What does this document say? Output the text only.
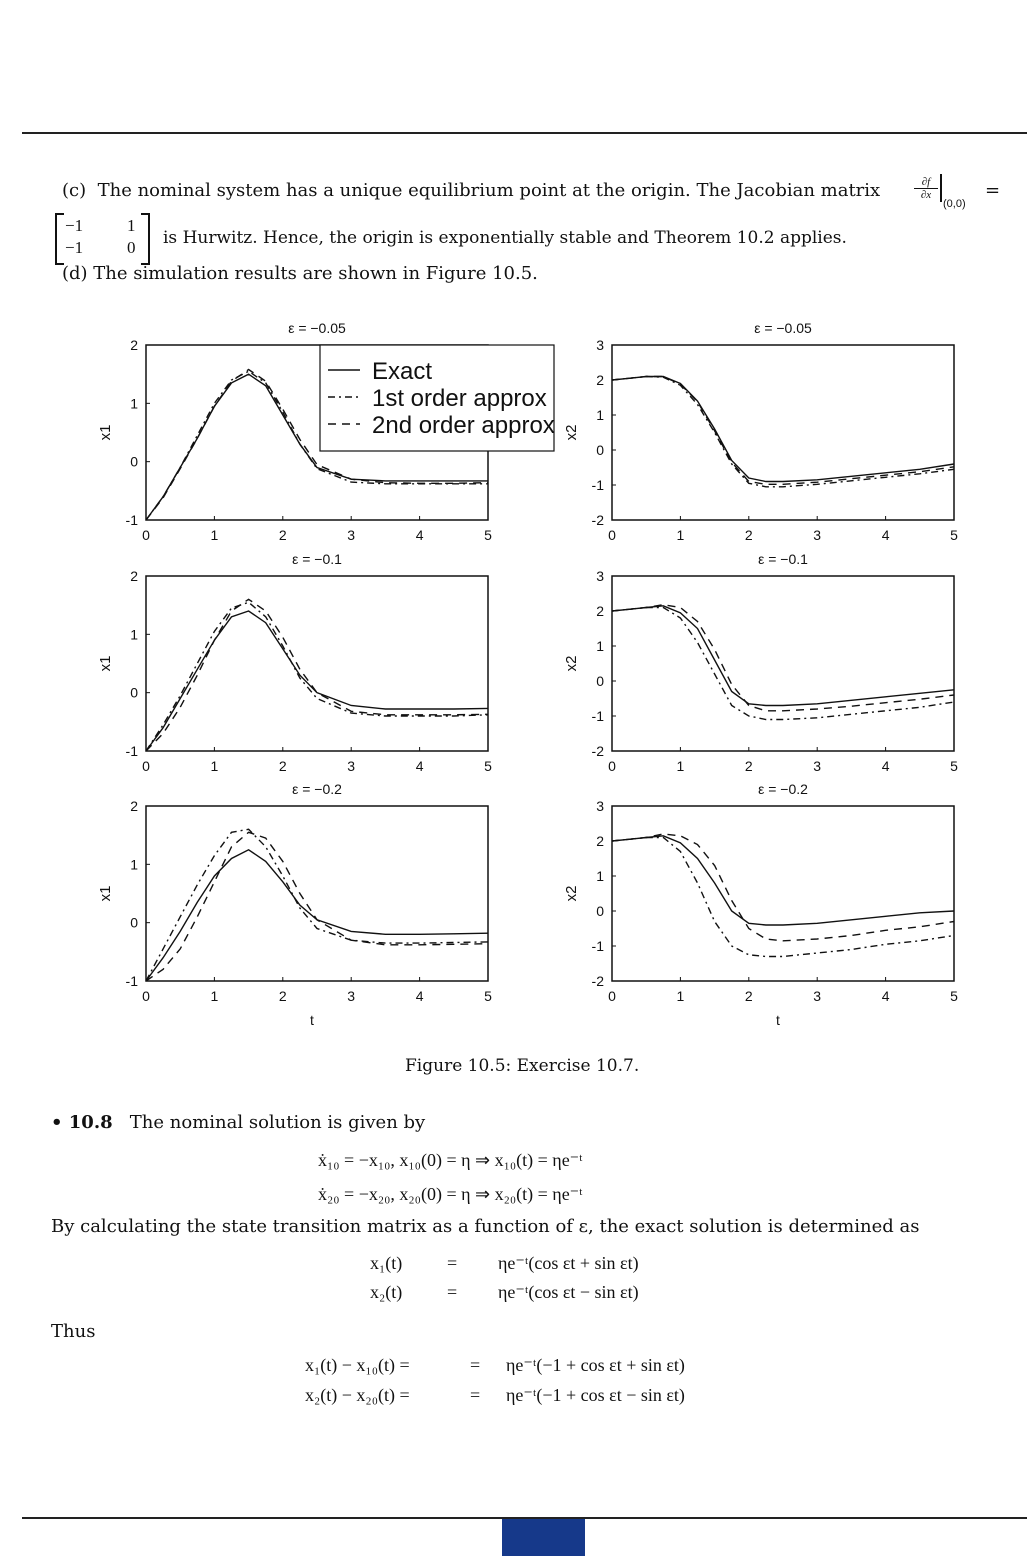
(c) The nominal system has a unique equilibrium point at the origin. The Jacobian matrix	$\frac{\partial f}{\partial x}$
(0,0)
=
−1	1
−1	0 is Hurwitz. Hence, the origin is exponentially stable and Theorem 10.2 applies.
(d) The simulation results are shown in Figure 10.5.
ε = −0.05
0	1	2	3	4	5
-1
0
1
2
x1
Exact
1st order approx
2nd order approx
ε = −0.05
0	1	2	3	4	5
-2
-1
0
1
2
3
x2
ε = −0.1
0	1	2	3	4	5
-1
0
1
2
x1
ε = −0.1
0	1	2	3	4	5
-2
-1
0
1
2
3
x2
ε = −0.2
0	1	2	3	4	5
-1
0
1
2
x1
t
ε = −0.2
0	1	2	3	4	5
-2
-1
0
1
2
3
x2
t
Figure 10.5: Exercise 10.7.
• 10.8 The nominal solution is given by
ẋ₁₀ = −x₁₀, x₁₀(0) = η ⇒ x₁₀(t) = ηe⁻ᵗ
ẋ₂₀ = −x₂₀, x₂₀(0) = η ⇒ x₂₀(t) = ηe⁻ᵗ
By calculating the state transition matrix as a function of ε, the exact solution is determined as
x₁(t) = ηe⁻ᵗ(cos εt + sin εt)
x₂(t) = ηe⁻ᵗ(cos εt − sin εt)
Thus
x₁(t) − x₁₀(t) =	= ηe⁻ᵗ(−1 + cos εt + sin εt)
x₂(t) − x₂₀(t) =	= ηe⁻ᵗ(−1 + cos εt − sin εt)
